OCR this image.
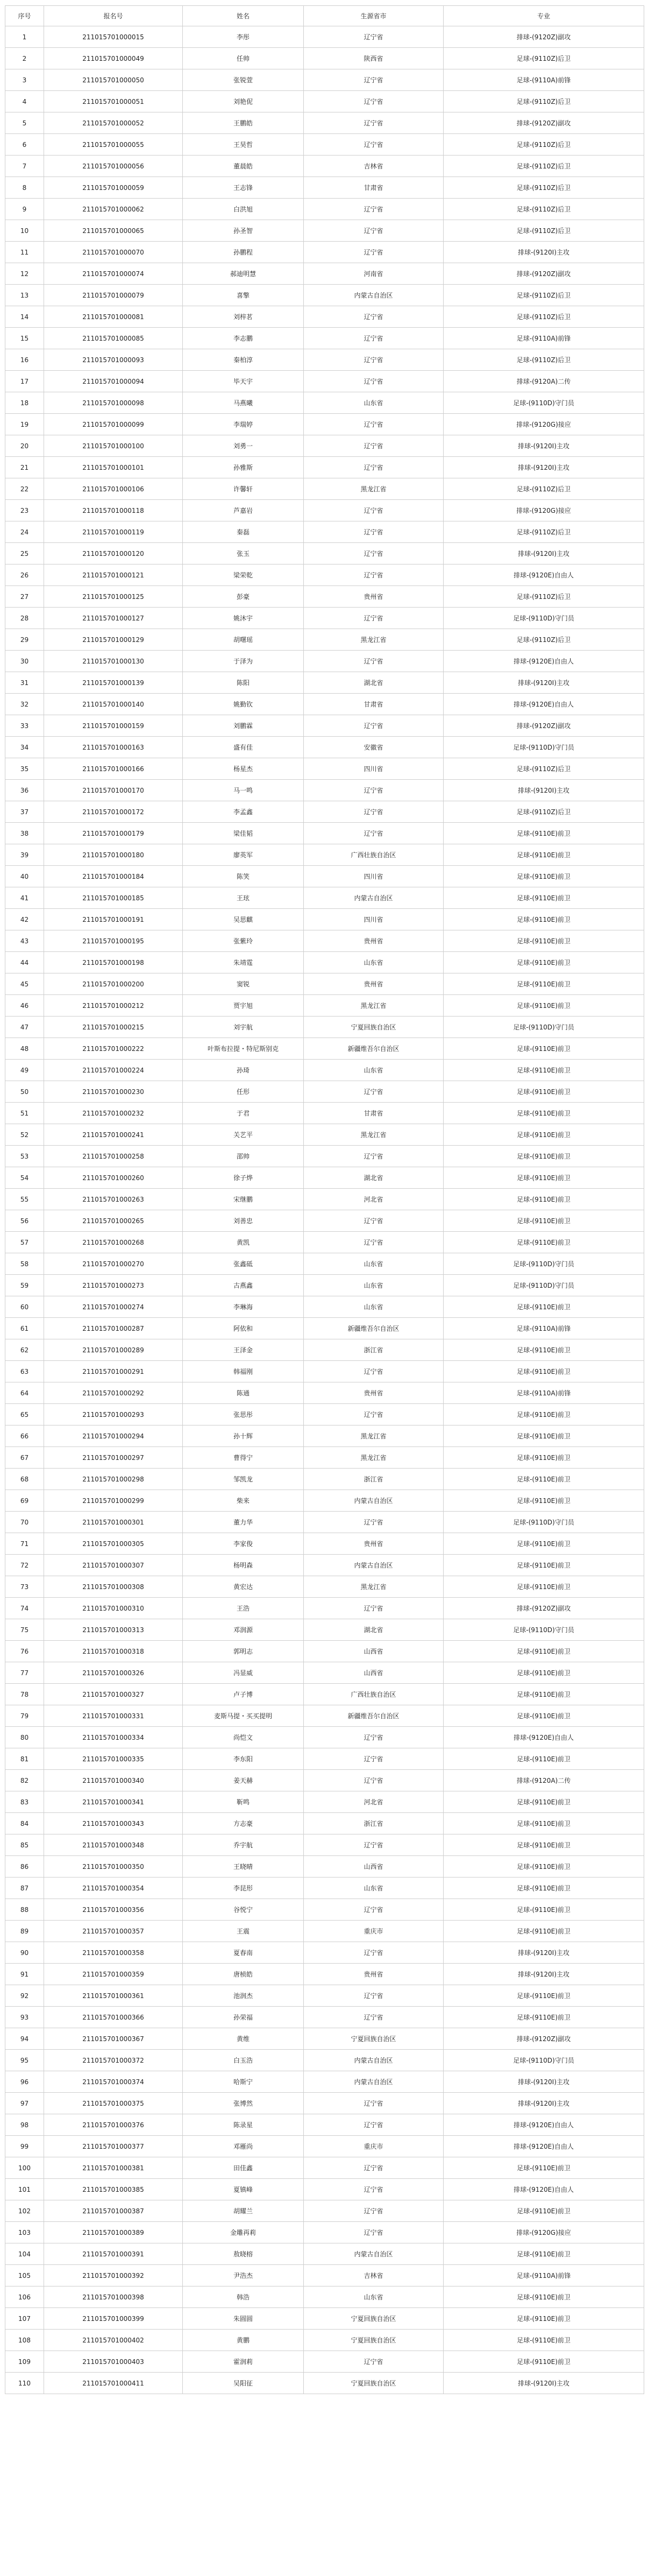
序号	报名号	姓名	生源省市	专业
1	211015701000015	李彤	辽宁省	排球-(9120Z)副攻
2	211015701000049	任帅	陕西省	足球-(9110Z)后卫
3	211015701000050	张锐萱	辽宁省	足球-(9110A)前锋
4	211015701000051	刘艳伲	辽宁省	足球-(9110Z)后卫
5	211015701000052	王鹏皓	辽宁省	排球-(9120Z)副攻
6	211015701000055	王昊哲	辽宁省	足球-(9110Z)后卫
7	211015701000056	董晨皓	吉林省	足球-(9110Z)后卫
8	211015701000059	王志锋	甘肃省	足球-(9110Z)后卫
9	211015701000062	白洪旭	辽宁省	足球-(9110Z)后卫
10	211015701000065	孙圣智	辽宁省	足球-(9110Z)后卫
11	211015701000070	孙鹏程	辽宁省	排球-(9120I)主攻
12	211015701000074	郝迪明慧	河南省	排球-(9120Z)副攻
13	211015701000079	喜擎	内蒙古自治区	足球-(9110Z)后卫
14	211015701000081	刘梓茗	辽宁省	足球-(9110Z)后卫
15	211015701000085	李志鹏	辽宁省	足球-(9110A)前锋
16	211015701000093	秦柏淳	辽宁省	足球-(9110Z)后卫
17	211015701000094	毕天宇	辽宁省	排球-(9120A)二传
18	211015701000098	马燕曦	山东省	足球-(9110D)守门员
19	211015701000099	李瑞婷	辽宁省	排球-(9120G)接应
20	211015701000100	刘勇一	辽宁省	排球-(9120I)主攻
21	211015701000101	孙雅斯	辽宁省	排球-(9120I)主攻
22	211015701000106	许馨轩	黑龙江省	足球-(9110Z)后卫
23	211015701000118	芦嘉岩	辽宁省	排球-(9120G)接应
24	211015701000119	秦磊	辽宁省	足球-(9110Z)后卫
25	211015701000120	张玉	辽宁省	排球-(9120I)主攻
26	211015701000121	梁荣乾	辽宁省	排球-(9120E)自由人
27	211015701000125	彭豪	贵州省	足球-(9110Z)后卫
28	211015701000127	姚沐宇	辽宁省	足球-(9110D)守门员
29	211015701000129	胡曙瑶	黑龙江省	足球-(9110Z)后卫
30	211015701000130	于泽为	辽宁省	排球-(9120E)自由人
31	211015701000139	陈阳	湖北省	排球-(9120I)主攻
32	211015701000140	姚勤钦	甘肃省	排球-(9120E)自由人
33	211015701000159	刘鹏霖	辽宁省	排球-(9120Z)副攻
34	211015701000163	盛有佳	安徽省	足球-(9110D)守门员
35	211015701000166	杨星杰	四川省	足球-(9110Z)后卫
36	211015701000170	马一鸣	辽宁省	排球-(9120I)主攻
37	211015701000172	李孟鑫	辽宁省	足球-(9110Z)后卫
38	211015701000179	梁佳韬	辽宁省	足球-(9110E)前卫
39	211015701000180	廖英军	广西壮族自治区	足球-(9110E)前卫
40	211015701000184	陈笑	四川省	足球-(9110E)前卫
41	211015701000185	王玹	内蒙古自治区	足球-(9110E)前卫
42	211015701000191	吴思麒	四川省	足球-(9110E)前卫
43	211015701000195	张紫玲	贵州省	足球-(9110E)前卫
44	211015701000198	朱靖霆	山东省	足球-(9110E)前卫
45	211015701000200	窦锐	贵州省	足球-(9110E)前卫
46	211015701000212	贾宇旭	黑龙江省	足球-(9110E)前卫
47	211015701000215	刘宇航	宁夏回族自治区	足球-(9110D)守门员
48	211015701000222	叶斯布拉提・特尼斯别克	新疆维吾尔自治区	足球-(9110E)前卫
49	211015701000224	孙琦	山东省	足球-(9110E)前卫
50	211015701000230	任形	辽宁省	足球-(9110E)前卫
51	211015701000232	于君	甘肃省	足球-(9110E)前卫
52	211015701000241	关艺平	黑龙江省	足球-(9110E)前卫
53	211015701000258	邵帅	辽宁省	足球-(9110E)前卫
54	211015701000260	徐子烨	湖北省	足球-(9110E)前卫
55	211015701000263	宋继鹏	河北省	足球-(9110E)前卫
56	211015701000265	刘善忠	辽宁省	足球-(9110E)前卫
57	211015701000268	黄凯	辽宁省	足球-(9110E)前卫
58	211015701000270	张鑫砥	山东省	足球-(9110D)守门员
59	211015701000273	古燕鑫	山东省	足球-(9110D)守门员
60	211015701000274	李琳海	山东省	足球-(9110E)前卫
61	211015701000287	阿依和	新疆维吾尔自治区	足球-(9110A)前锋
62	211015701000289	王泽金	浙江省	足球-(9110E)前卫
63	211015701000291	韩福刚	辽宁省	足球-(9110E)前卫
64	211015701000292	陈通	贵州省	足球-(9110A)前锋
65	211015701000293	张思彤	辽宁省	足球-(9110E)前卫
66	211015701000294	孙十辉	黑龙江省	足球-(9110E)前卫
67	211015701000297	曹得宁	黑龙江省	足球-(9110E)前卫
68	211015701000298	邹凯龙	浙江省	足球-(9110E)前卫
69	211015701000299	柴来	内蒙古自治区	足球-(9110E)前卫
70	211015701000301	董力华	辽宁省	足球-(9110D)守门员
71	211015701000305	李家俊	贵州省	足球-(9110E)前卫
72	211015701000307	杨明森	内蒙古自治区	足球-(9110E)前卫
73	211015701000308	黄宏达	黑龙江省	足球-(9110E)前卫
74	211015701000310	王浩	辽宁省	排球-(9120Z)副攻
75	211015701000313	邓润源	湖北省	足球-(9110D)守门员
76	211015701000318	郭明志	山西省	足球-(9110E)前卫
77	211015701000326	冯显威	山西省	足球-(9110E)前卫
78	211015701000327	卢子博	广西壮族自治区	足球-(9110E)前卫
79	211015701000331	麦斯马提・买买提明	新疆维吾尔自治区	足球-(9110E)前卫
80	211015701000334	尚恺文	辽宁省	排球-(9120E)自由人
81	211015701000335	李东阳	辽宁省	足球-(9110E)前卫
82	211015701000340	姜天赫	辽宁省	排球-(9120A)二传
83	211015701000341	靳鸣	河北省	足球-(9110E)前卫
84	211015701000343	方志豪	浙江省	足球-(9110E)前卫
85	211015701000348	乔宇航	辽宁省	足球-(9110E)前卫
86	211015701000350	王晓晴	山西省	足球-(9110E)前卫
87	211015701000354	李昆形	山东省	足球-(9110E)前卫
88	211015701000356	谷悦宁	辽宁省	足球-(9110E)前卫
89	211015701000357	王震	重庆市	足球-(9110E)前卫
90	211015701000358	夏春南	辽宁省	排球-(9120I)主攻
91	211015701000359	唐桢皓	贵州省	排球-(9120I)主攻
92	211015701000361	池润杰	辽宁省	足球-(9110E)前卫
93	211015701000366	孙荣福	辽宁省	足球-(9110E)前卫
94	211015701000367	黄维	宁夏回族自治区	排球-(9120Z)副攻
95	211015701000372	白玉浩	内蒙古自治区	足球-(9110D)守门员
96	211015701000374	哈斯宁	内蒙古自治区	排球-(9120I)主攻
97	211015701000375	张博然	辽宁省	排球-(9120I)主攻
98	211015701000376	陈录星	辽宁省	排球-(9120E)自由人
99	211015701000377	邓雁尚	重庆市	排球-(9120E)自由人
100	211015701000381	田佳鑫	辽宁省	足球-(9110E)前卫
101	211015701000385	夏镇峰	辽宁省	排球-(9120E)自由人
102	211015701000387	胡耀兰	辽宁省	足球-(9110E)前卫
103	211015701000389	金雕再莉	辽宁省	排球-(9120G)接应
104	211015701000391	敖晓榕	内蒙古自治区	足球-(9110E)前卫
105	211015701000392	尹浩杰	吉林省	足球-(9110A)前锋
106	211015701000398	韩浩	山东省	足球-(9110E)前卫
107	211015701000399	朱圆圆	宁夏回族自治区	足球-(9110E)前卫
108	211015701000402	黄鹏	宁夏回族自治区	足球-(9110E)前卫
109	211015701000403	霍润莉	辽宁省	足球-(9110E)前卫
110	211015701000411	吴阳征	宁夏回族自治区	排球-(9120I)主攻
